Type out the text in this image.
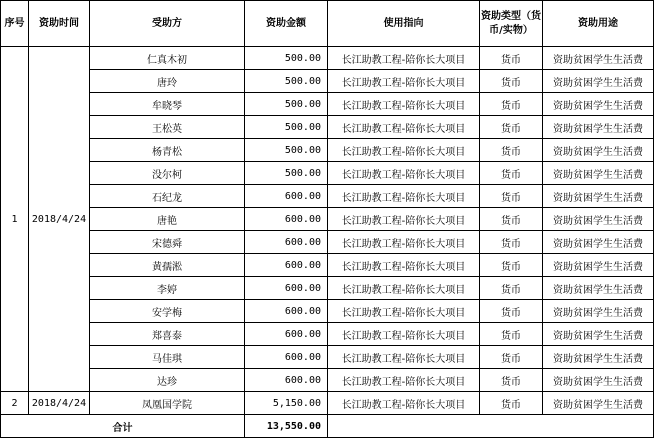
序号	资助时间	受助方	资助金额	使用指向	资助类型（货币/实物）	资助用途
1	2018/4/24	仁真木初	500.00	长江助教工程-陪你长大项目	货币	资助贫困学生生活费
		唐玲	500.00	长江助教工程-陪你长大项目	货币	资助贫困学生生活费
		牟晓琴	500.00	长江助教工程-陪你长大项目	货币	资助贫困学生生活费
		王松英	500.00	长江助教工程-陪你长大项目	货币	资助贫困学生生活费
		杨青松	500.00	长江助教工程-陪你长大项目	货币	资助贫困学生生活费
		没尔柯	500.00	长江助教工程-陪你长大项目	货币	资助贫困学生生活费
		石纪龙	600.00	长江助教工程-陪你长大项目	货币	资助贫困学生生活费
		唐艳	600.00	长江助教工程-陪你长大项目	货币	资助贫困学生生活费
		宋德舜	600.00	长江助教工程-陪你长大项目	货币	资助贫困学生生活费
		黄孺淞	600.00	长江助教工程-陪你长大项目	货币	资助贫困学生生活费
		李婷	600.00	长江助教工程-陪你长大项目	货币	资助贫困学生生活费
		安学梅	600.00	长江助教工程-陪你长大项目	货币	资助贫困学生生活费
		郑喜泰	600.00	长江助教工程-陪你长大项目	货币	资助贫困学生生活费
		马佳琪	600.00	长江助教工程-陪你长大项目	货币	资助贫困学生生活费
		达珍	600.00	长江助教工程-陪你长大项目	货币	资助贫困学生生活费
2	2018/4/24	凤凰国学院	5,150.00	长江助教工程-陪你长大项目	货币	资助贫困学生生活费
合计			13,550.00			
